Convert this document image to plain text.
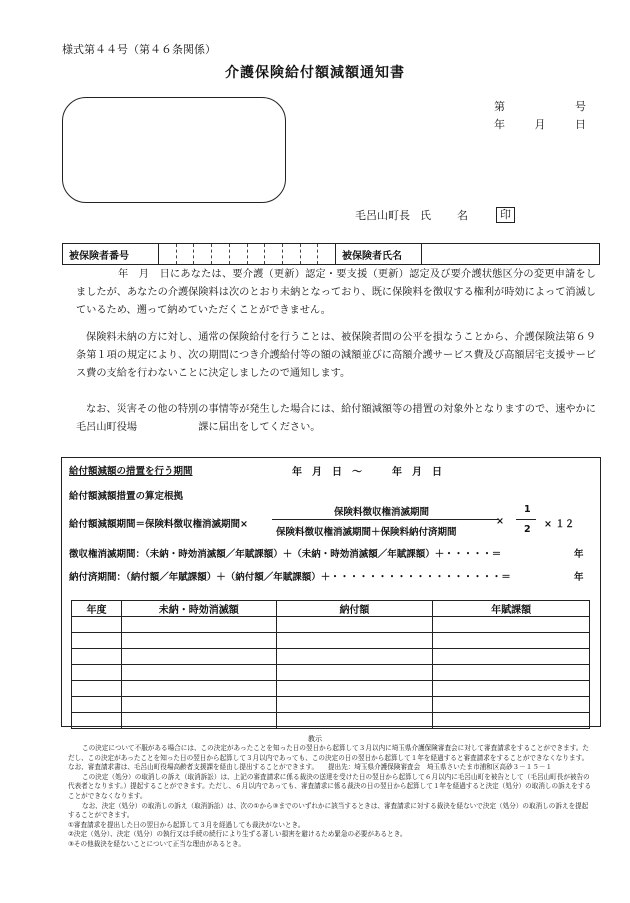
様式第４４号（第４６条関係）
介護保険給付額減額通知書
第	号
年	月	日
毛呂山町長 氏 名	印
被保険者番号	被保険者氏名
年　月　日にあなたは、要介護（更新）認定・要支援（更新）認定及び要介護状態区分の変更申請をしましたが、あなたの介護保険料は次のとおり未納となっており、既に保険料を徴収する権利が時効によって消滅しているため、遡って納めていただくことができません。
保険料未納の方に対し、通常の保険給付を行うことは、被保険者間の公平を損なうことから、介護保険法第６９条第１項の規定により、次の期間につき介護給付等の額の減額並びに高額介護サービス費及び高額居宅支援サービス費の支給を行わないことに決定しましたので通知します。
なお、災害その他の特別の事情等が発生した場合には、給付額減額等の措置の対象外となりますので、速やかに毛呂山町役場　　　　　　課に届出をしてください。
給付額減額の措置を行う期間	年　月　日　～　　　年　月　日
給付額減額措置の算定根拠
給付額減額期間＝保険料徴収権消滅期間×
保険料徴収権消滅期間
保険料徴収権消滅期間＋保険料納付済期間
×
1
2 × １２
徴収権消滅期間：（未納・時効消滅額／年賦課額）＋（未納・時効消滅額／年賦課額）＋・・・・・＝	年
納付済期間：（納付額／年賦課額）＋（納付額／年賦課額）＋・・・・・・・・・・・・・・・・・・＝	年
年度	未納・時効消滅額	納付額	年賦課額

教示
この決定について不服がある場合には、この決定があったことを知った日の翌日から起算して３月以内に埼玉県介護保険審査会に対して審査請求をすることができます。ただし、この決定があったことを知った日の翌日から起算して３月以内であっても、この決定の日の翌日から起算して１年を経過すると審査請求をすることができなくなります。なお、審査請求書は、毛呂山町役場高齢者支援課を経由し提出することができます。　　提出先：埼玉県介護保険審査会　埼玉県さいたま市浦和区高砂３－１５－１
この決定（処分）の取消しの訴え（取消訴訟）は、上記の審査請求に係る裁決の送達を受けた日の翌日から起算して６月以内に毛呂山町を被告として（毛呂山町長が被告の代表者となります。）提起することができます。ただし、６月以内であっても、審査請求に係る裁決の日の翌日から起算して１年を経過すると決定（処分）の取消しの訴えをすることができなくなります。
なお、決定（処分）の取消しの訴え（取消訴訟）は、次の①から③までのいずれかに該当するときは、審査請求に対する裁決を経ないで決定（処分）の取消しの訴えを提起することができます。
①審査請求を提出した日の翌日から起算して３月を経過しても裁決がないとき。
②決定（処分）、決定（処分）の執行又は手続の続行により生ずる著しい損害を避けるため緊急の必要があるとき。
③その他裁決を経ないことについて正当な理由があるとき。
